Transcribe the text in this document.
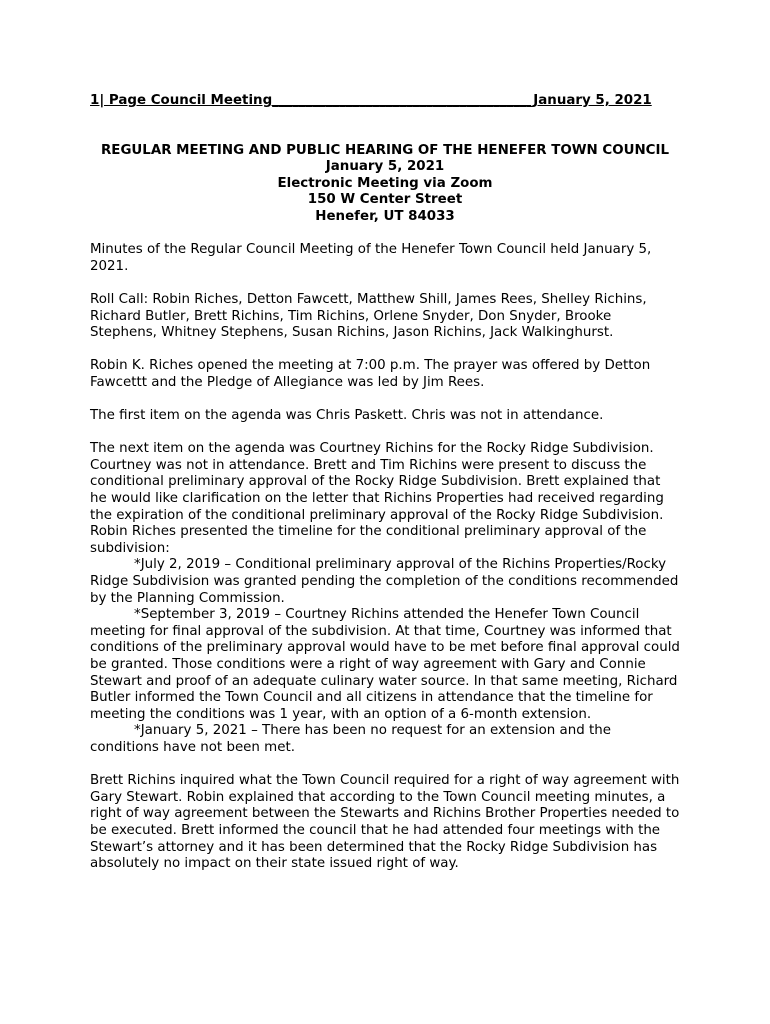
1| Page Council Meeting_______________________________________January 5, 2021

REGULAR MEETING AND PUBLIC HEARING OF THE HENEFER TOWN COUNCIL
January 5, 2021
Electronic Meeting via Zoom
150 W Center Street
Henefer, UT 84033

Minutes of the Regular Council Meeting of the Henefer Town Council held January 5, 2021.

Roll Call: Robin Riches, Detton Fawcett, Matthew Shill, James Rees, Shelley Richins, Richard Butler, Brett Richins, Tim Richins, Orlene Snyder, Don Snyder, Brooke Stephens, Whitney Stephens, Susan Richins, Jason Richins, Jack Walkinghurst.

Robin K. Riches opened the meeting at 7:00 p.m. The prayer was offered by Detton Fawcettt and the Pledge of Allegiance was led by Jim Rees.

The first item on the agenda was Chris Paskett. Chris was not in attendance.

The next item on the agenda was Courtney Richins for the Rocky Ridge Subdivision. Courtney was not in attendance. Brett and Tim Richins were present to discuss the conditional preliminary approval of the Rocky Ridge Subdivision. Brett explained that he would like clarification on the letter that Richins Properties had received regarding the expiration of the conditional preliminary approval of the Rocky Ridge Subdivision. Robin Riches presented the timeline for the conditional preliminary approval of the subdivision:

*July 2, 2019 – Conditional preliminary approval of the Richins Properties/Rocky Ridge Subdivision was granted pending the completion of the conditions recommended by the Planning Commission.

*September 3, 2019 – Courtney Richins attended the Henefer Town Council meeting for final approval of the subdivision. At that time, Courtney was informed that conditions of the preliminary approval would have to be met before final approval could be granted. Those conditions were a right of way agreement with Gary and Connie Stewart and proof of an adequate culinary water source. In that same meeting, Richard Butler informed the Town Council and all citizens in attendance that the timeline for meeting the conditions was 1 year, with an option of a 6-month extension.

*January 5, 2021 – There has been no request for an extension and the conditions have not been met.

Brett Richins inquired what the Town Council required for a right of way agreement with Gary Stewart. Robin explained that according to the Town Council meeting minutes, a right of way agreement between the Stewarts and Richins Brother Properties needed to be executed. Brett informed the council that he had attended four meetings with the Stewart’s attorney and it has been determined that the Rocky Ridge Subdivision has absolutely no impact on their state issued right of way.
